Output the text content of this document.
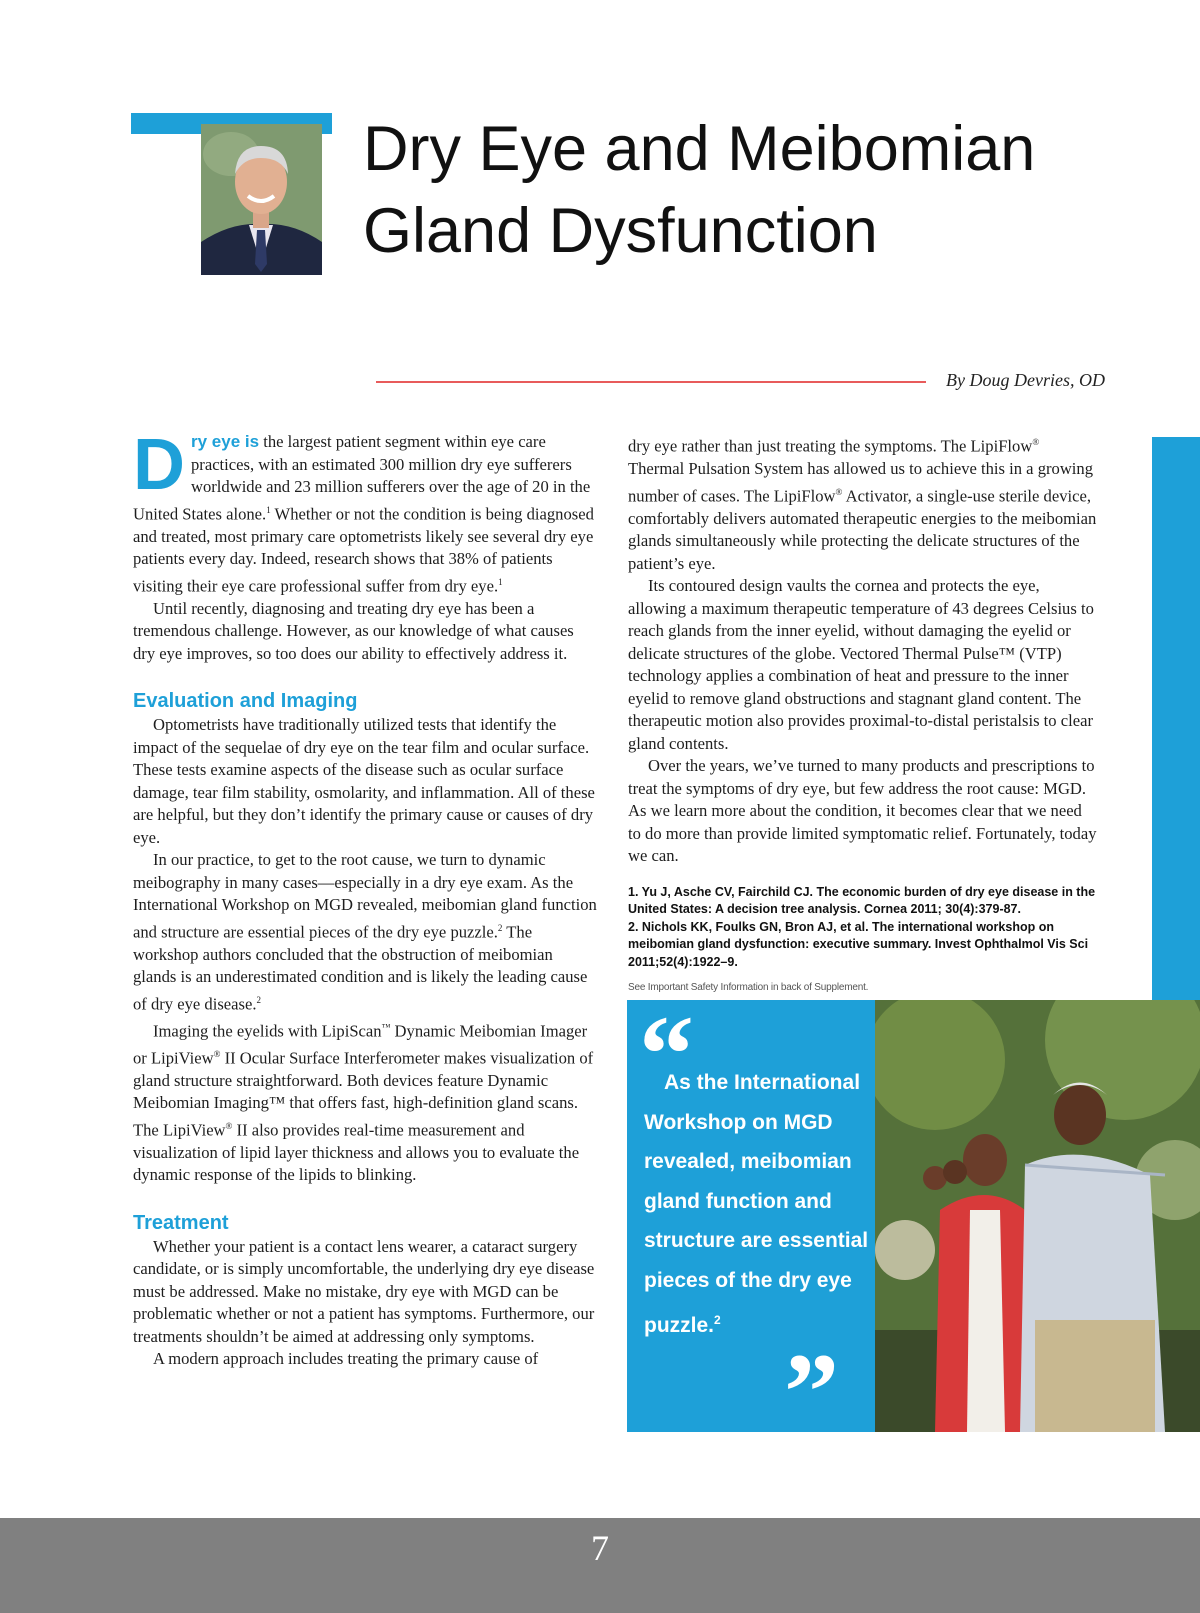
Dry Eye and Meibomian
Gland Dysfunction
By Doug Devries, OD

Dry eye is the largest patient segment within eye care practices, with an estimated 300 million dry eye sufferers worldwide and 23 million sufferers over the age of 20 in the United States alone.$^1$ Whether or not the condition is being diagnosed and treated, most primary care optometrists likely see several dry eye patients every day. Indeed, research shows that 38% of patients visiting their eye care professional suffer from dry eye.$^1$

Until recently, diagnosing and treating dry eye has been a tremendous challenge. However, as our knowledge of what causes dry eye improves, so too does our ability to effectively address it.

Evaluation and Imaging

Optometrists have traditionally utilized tests that identify the impact of the sequelae of dry eye on the tear film and ocular surface. These tests examine aspects of the disease such as ocular surface damage, tear film stability, osmolarity, and inflammation. All of these are helpful, but they don’t identify the primary cause or causes of dry eye.

In our practice, to get to the root cause, we turn to dynamic meibography in many cases—especially in a dry eye exam. As the International Workshop on MGD revealed, meibomian gland function and structure are essential pieces of the dry eye puzzle.$^2$ The workshop authors concluded that the obstruction of meibomian glands is an underestimated condition and is likely the leading cause of dry eye disease.$^2$

Imaging the eyelids with LipiScan™ Dynamic Meibomian Imager or LipiView® II Ocular Surface Interferometer makes visualization of gland structure straightforward. Both devices feature Dynamic Meibomian Imaging™ that offers fast, high-definition gland scans. The LipiView® II also provides real-time measurement and visualization of lipid layer thickness and allows you to evaluate the dynamic response of the lipids to blinking.

Treatment

Whether your patient is a contact lens wearer, a cataract surgery candidate, or is simply uncomfortable, the underlying dry eye disease must be addressed. Make no mistake, dry eye with MGD can be problematic whether or not a patient has symptoms. Furthermore, our treatments shouldn’t be aimed at addressing only symptoms.

A modern approach includes treating the primary cause of

dry eye rather than just treating the symptoms. The LipiFlow® Thermal Pulsation System has allowed us to achieve this in a growing number of cases. The LipiFlow® Activator, a single-use sterile device, comfortably delivers automated therapeutic energies to the meibomian glands simultaneously while protecting the delicate structures of the patient’s eye.

Its contoured design vaults the cornea and protects the eye, allowing a maximum therapeutic temperature of 43 degrees Celsius to reach glands from the inner eyelid, without damaging the eyelid or delicate structures of the globe. Vectored Thermal Pulse™ (VTP) technology applies a combination of heat and pressure to the inner eyelid to remove gland obstructions and stagnant gland content. The therapeutic motion also provides proximal-to-distal peristalsis to clear gland contents.

Over the years, we’ve turned to many products and prescriptions to treat the symptoms of dry eye, but few address the root cause: MGD. As we learn more about the condition, it becomes clear that we need to do more than provide limited symptomatic relief. Fortunately, today we can.

1. Yu J, Asche CV, Fairchild CJ. The economic burden of dry eye disease in the United States: A decision tree analysis. Cornea 2011; 30(4):379-87.
2. Nichols KK, Foulks GN, Bron AJ, et al. The international workshop on meibomian gland dysfunction: executive summary. Invest Ophthalmol Vis Sci 2011;52(4):1922–9.
See Important Safety Information in back of Supplement.
“

As the International Workshop on MGD revealed, meibomian gland function and structure are essential pieces of the dry eye puzzle.$^2$

”
7
